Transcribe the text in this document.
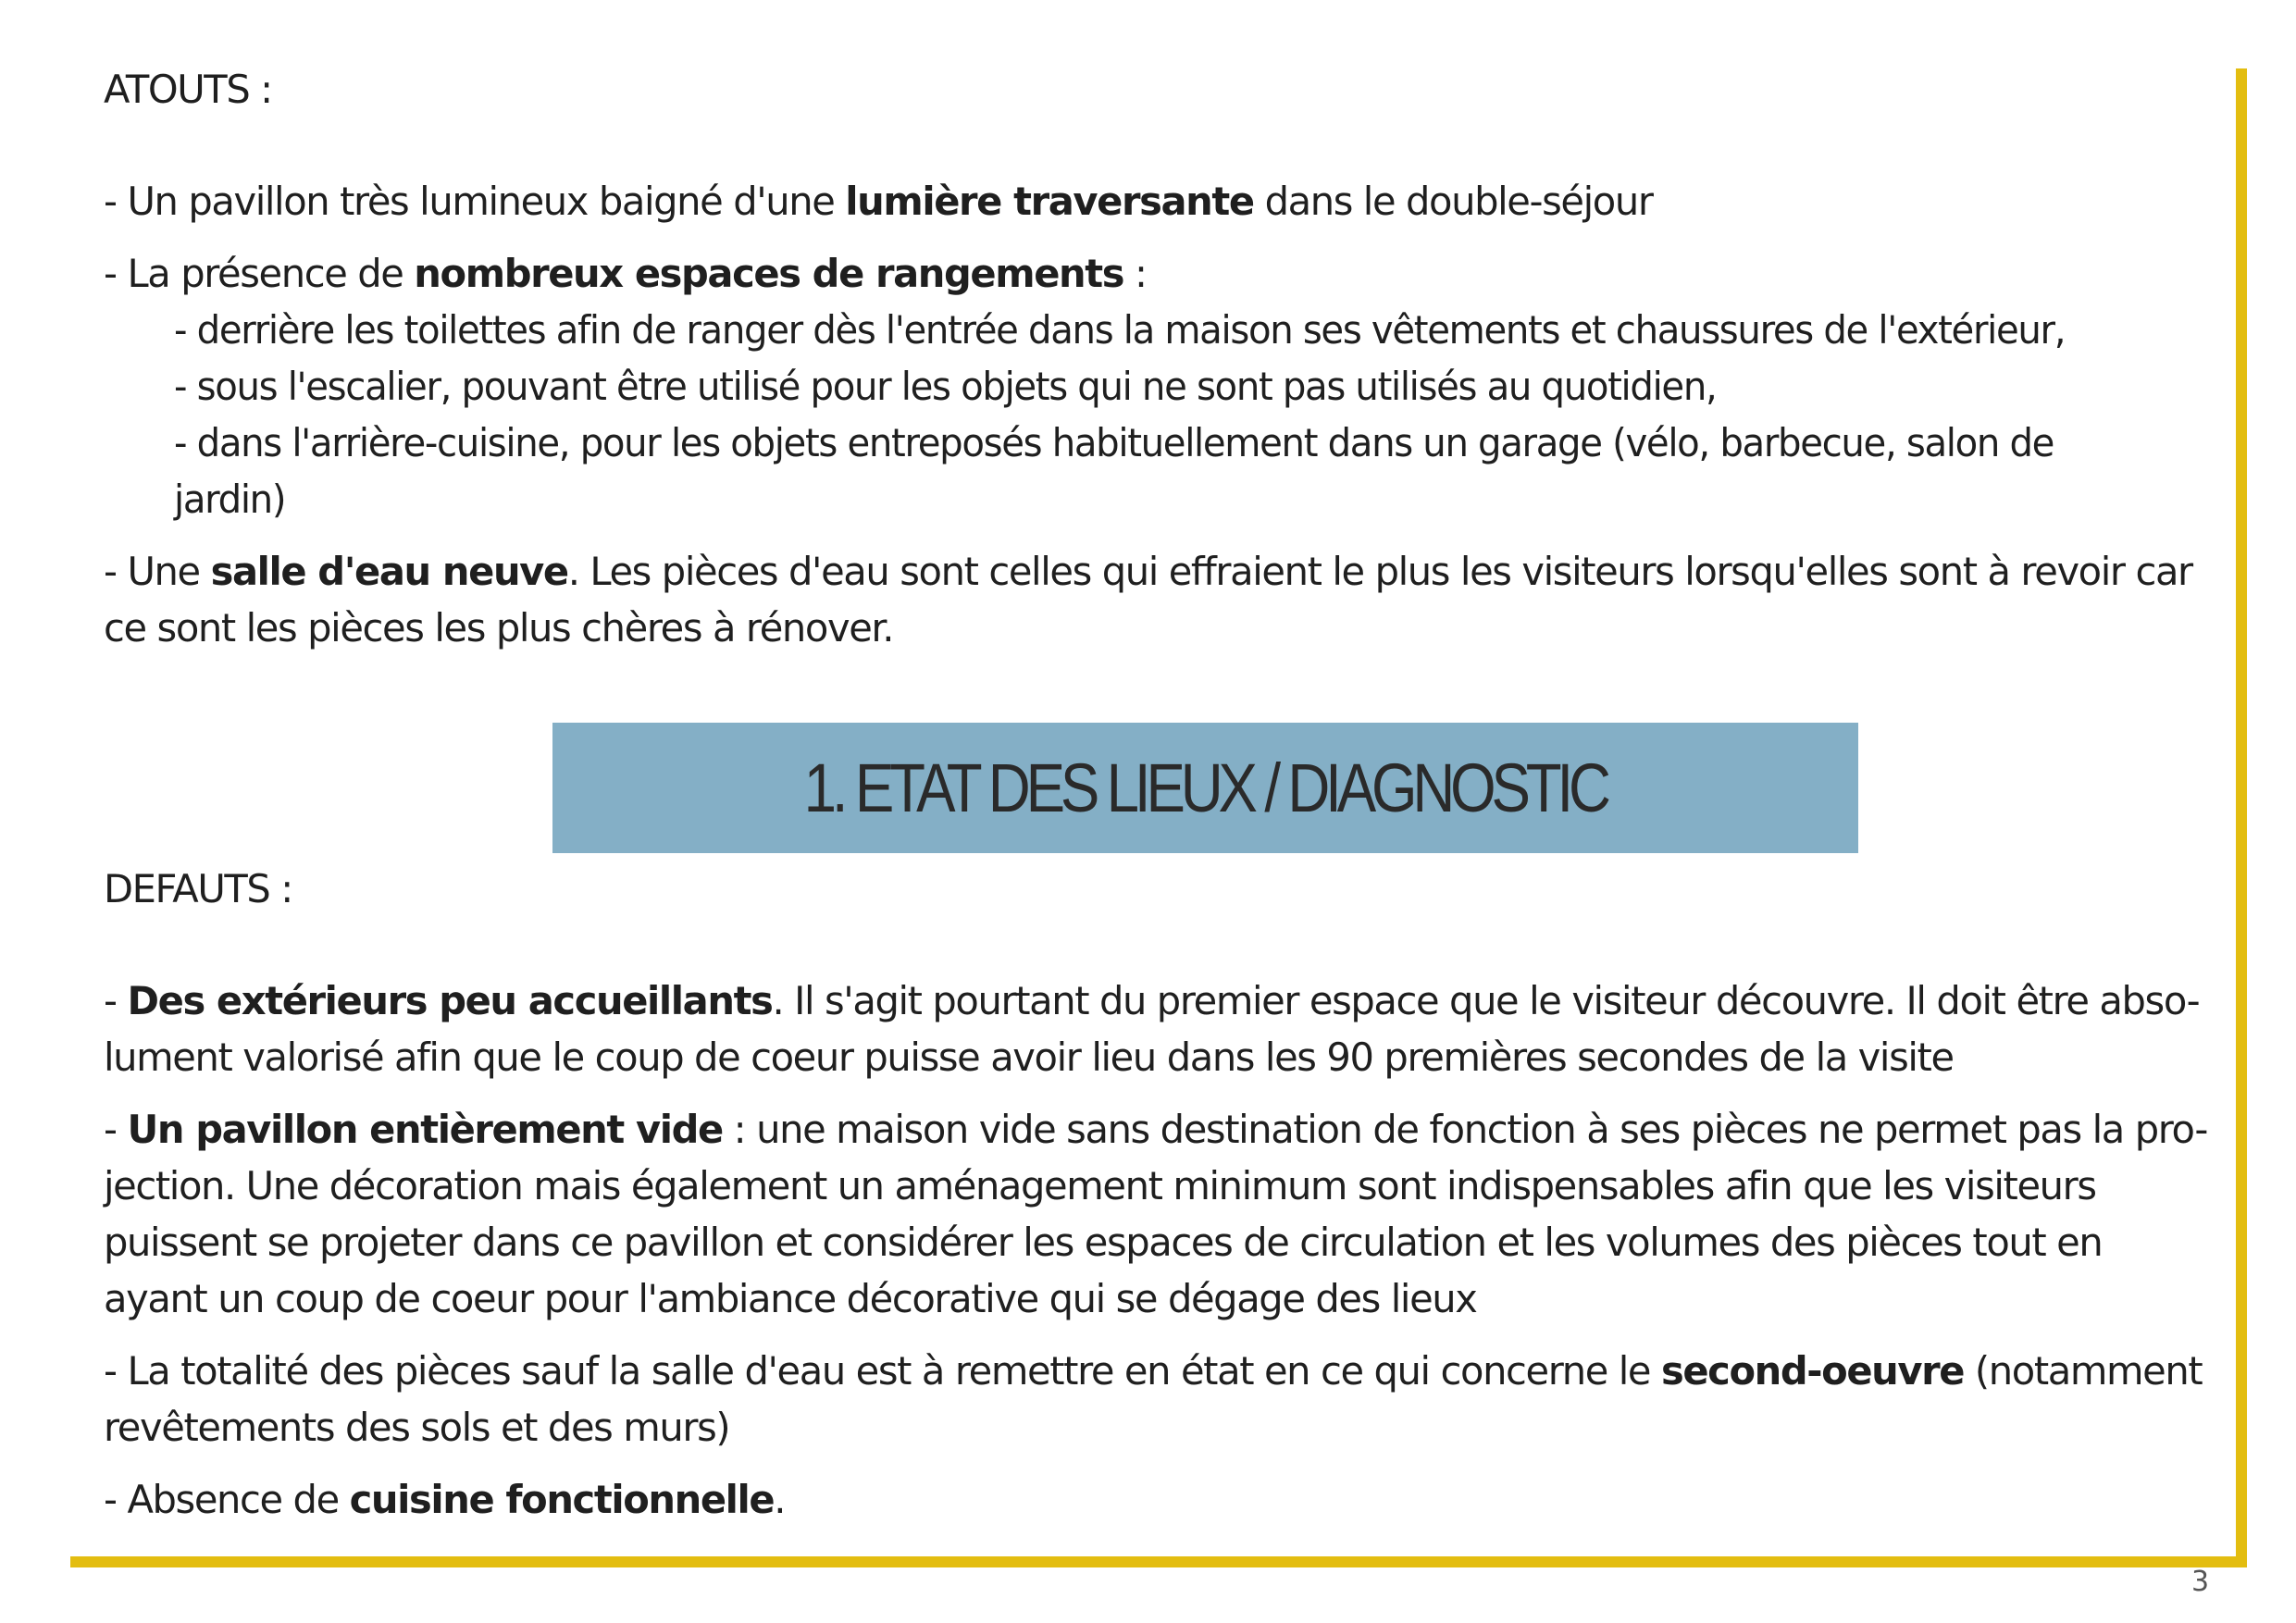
ATOUTS :
- Un pavillon très lumineux baigné d'une lumière traversante dans le double-séjour
- La présence de nombreux espaces de rangements :
- derrière les toilettes afin de ranger dès l'entrée dans la maison ses vêtements et chaussures de l'extérieur,
- sous l'escalier, pouvant être utilisé pour les objets qui ne sont pas utilisés au quotidien,
- dans l'arrière-cuisine, pour les objets entreposés habituellement dans un garage (vélo, barbecue, salon de
jardin)
- Une salle d'eau neuve. Les pièces d'eau sont celles qui effraient le plus les visiteurs lorsqu'elles sont à revoir car
ce sont les pièces les plus chères à rénover.
1. ETAT DES LIEUX / DIAGNOSTIC
DEFAUTS :
- Des extérieurs peu accueillants. Il s'agit pourtant du premier espace que le visiteur découvre. Il doit être abso-
lument valorisé afin que le coup de coeur puisse avoir lieu dans les 90 premières secondes de la visite
- Un pavillon entièrement vide : une maison vide sans destination de fonction à ses pièces ne permet pas la pro-
jection. Une décoration mais également un aménagement minimum sont indispensables afin que les visiteurs
puissent se projeter dans ce pavillon et considérer les espaces de circulation et les volumes des pièces tout en
ayant un coup de coeur pour l'ambiance décorative qui se dégage des lieux
- La totalité des pièces sauf la salle d'eau est à remettre en état en ce qui concerne le second-oeuvre (notamment
revêtements des sols et des murs)
- Absence de cuisine fonctionnelle.
3
